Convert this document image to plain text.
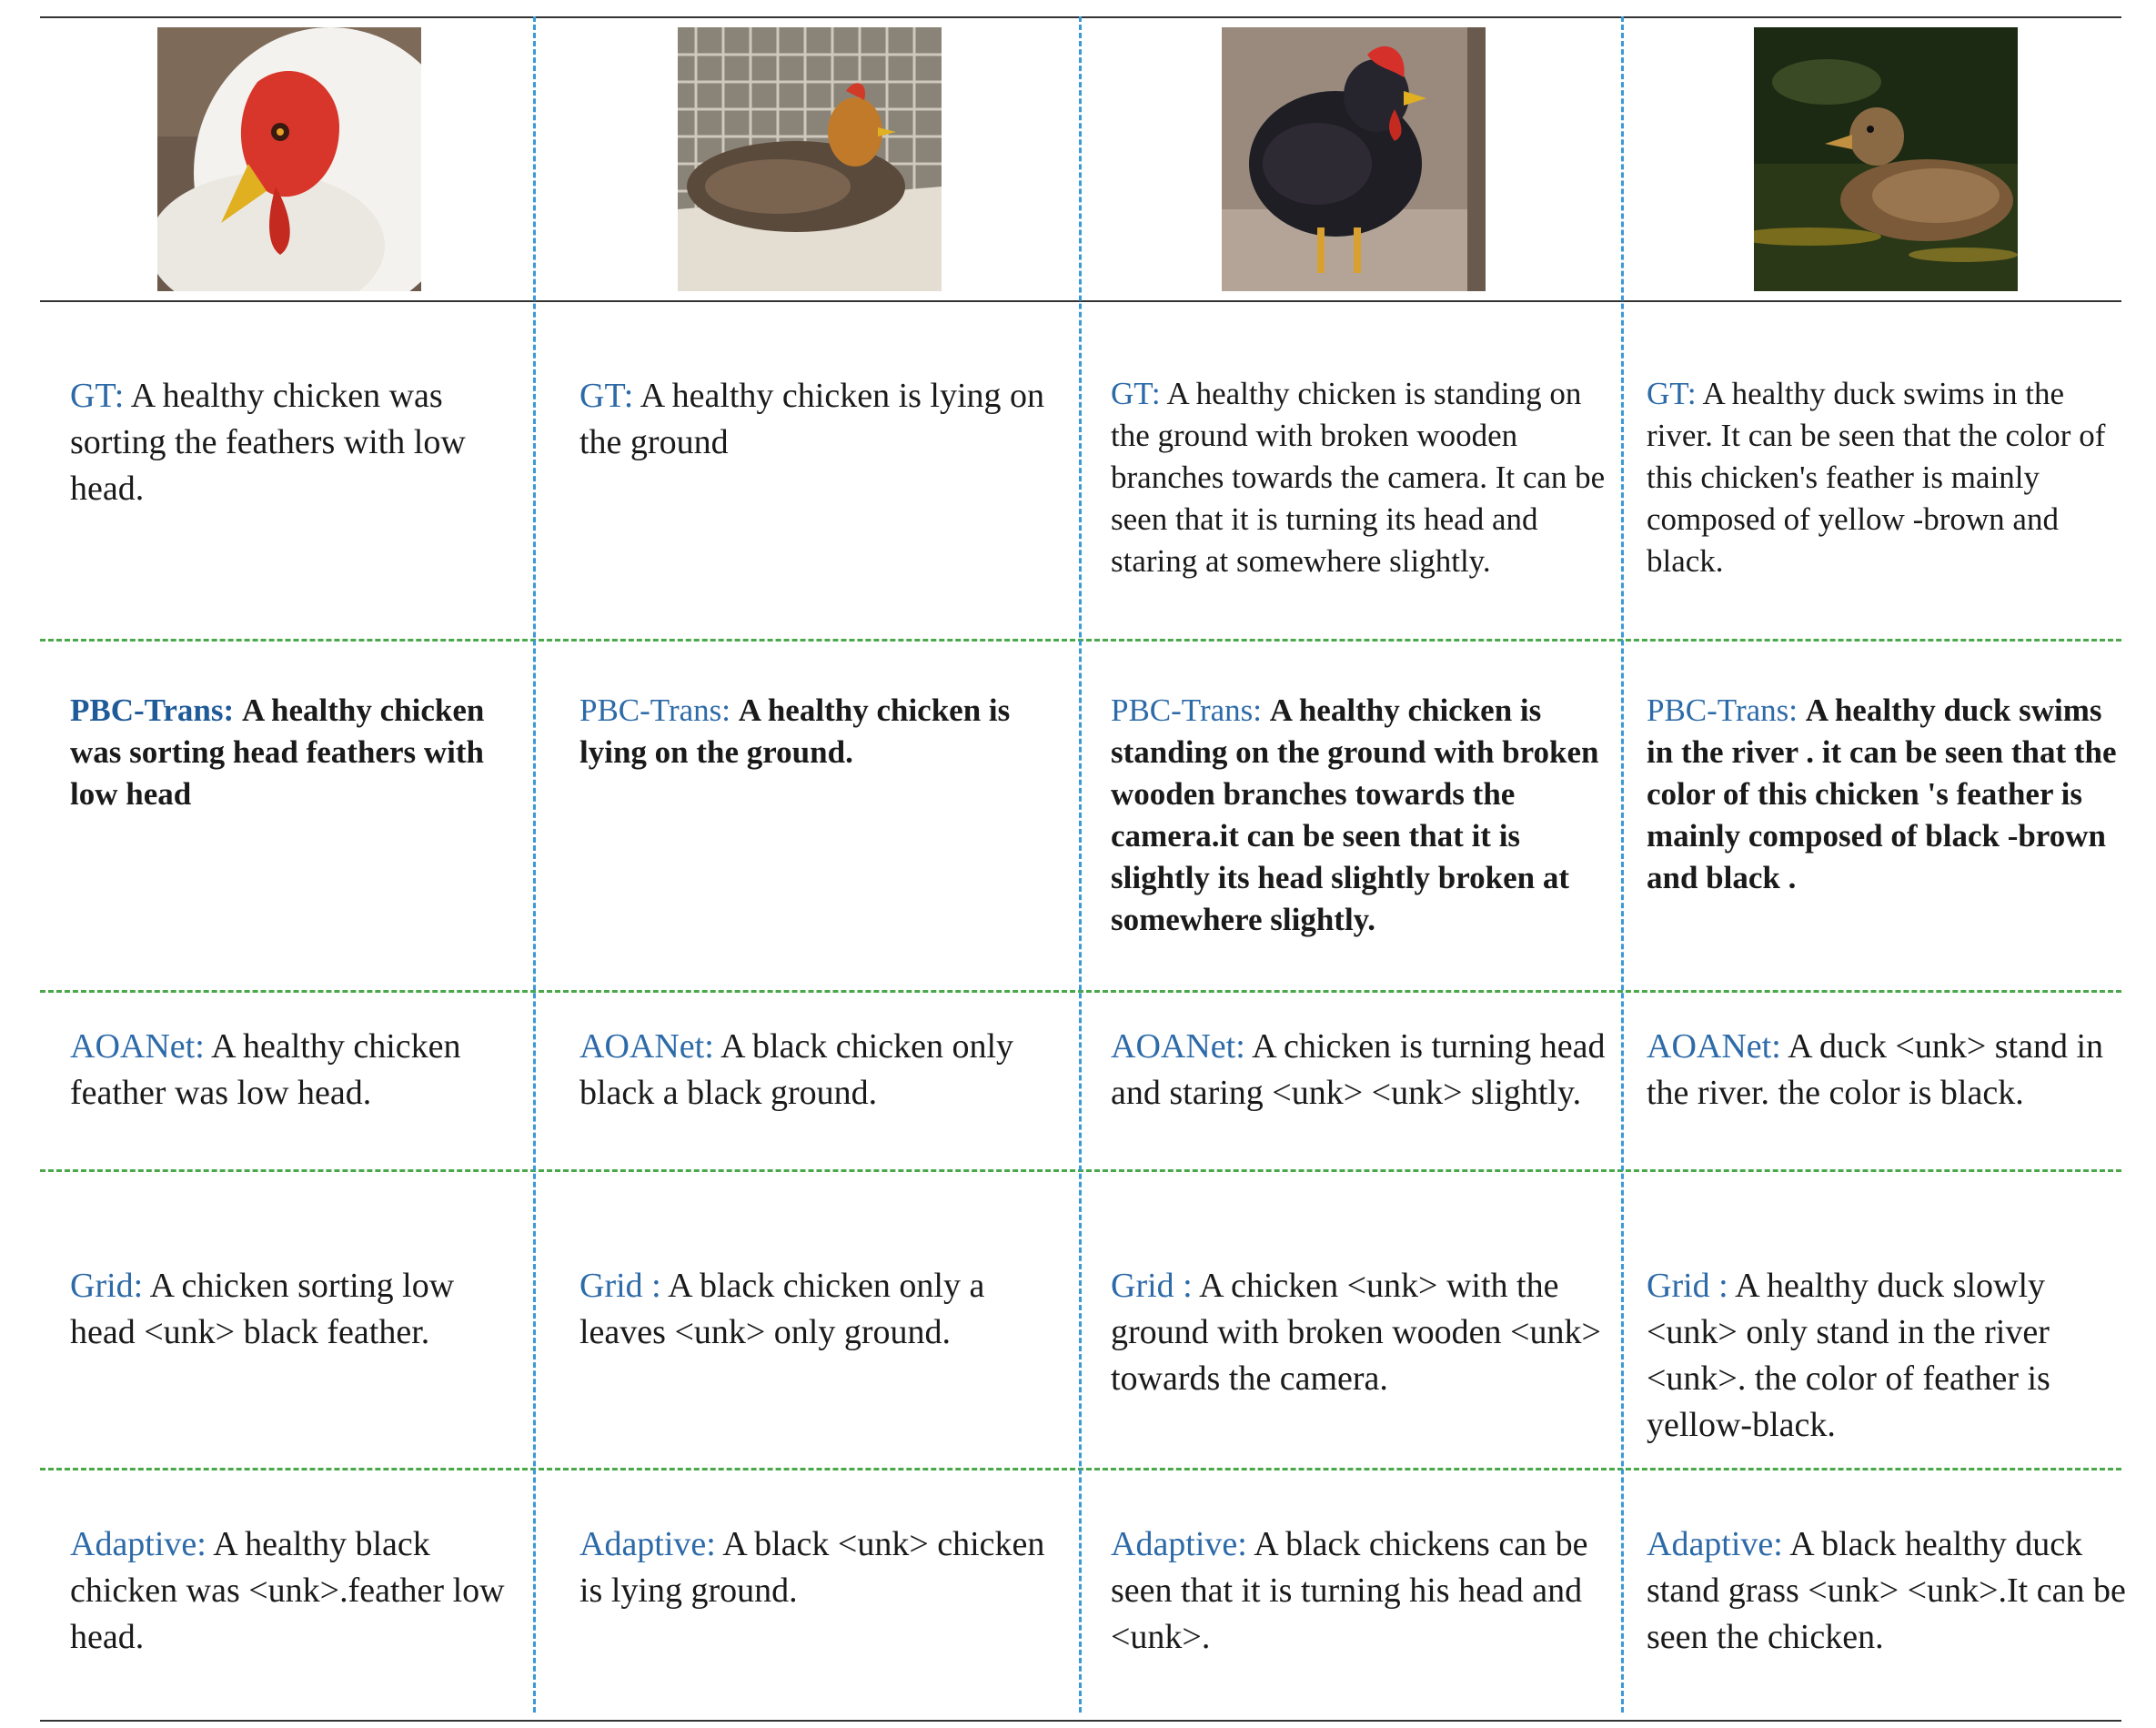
GT: A healthy chicken was sorting the feathers with low head.
GT: A healthy chicken is lying on the ground
GT: A healthy chicken is standing on the ground with broken wooden branches towards the camera. It can be seen that it is turning its head and staring at somewhere slightly.
GT: A healthy duck swims in the river. It can be seen that the color of this chicken's feather is mainly composed of yellow -brown and black.
PBC-Trans: A healthy chicken was sorting head feathers with low head
PBC-Trans: A healthy chicken is lying on the ground.
PBC-Trans: A healthy chicken is standing on the ground with broken wooden branches towards the camera.it can be seen that it is slightly its head slightly broken at somewhere slightly.
PBC-Trans: A healthy duck swims in the river . it can be seen that the color of this chicken 's feather is mainly composed of black -brown and black .
AOANet: A healthy chicken feather was low head.
AOANet: A black chicken only black a black ground.
AOANet: A chicken is turning head and staring <unk> <unk> slightly.
AOANet: A duck <unk> stand in the river. the color is black.
Grid: A chicken sorting low head <unk> black feather.
Grid : A black chicken only a leaves <unk> only ground.
Grid : A chicken <unk> with the ground with broken wooden <unk> towards the camera.
Grid : A healthy duck slowly <unk> only stand in the river <unk>. the color of feather is yellow-black.
Adaptive: A healthy black chicken was <unk>.feather low head.
Adaptive: A black <unk> chicken is lying ground.
Adaptive: A black chickens can be seen that it is turning his head and <unk>.
Adaptive: A black healthy duck stand grass <unk> <unk>.It can be seen the chicken.
